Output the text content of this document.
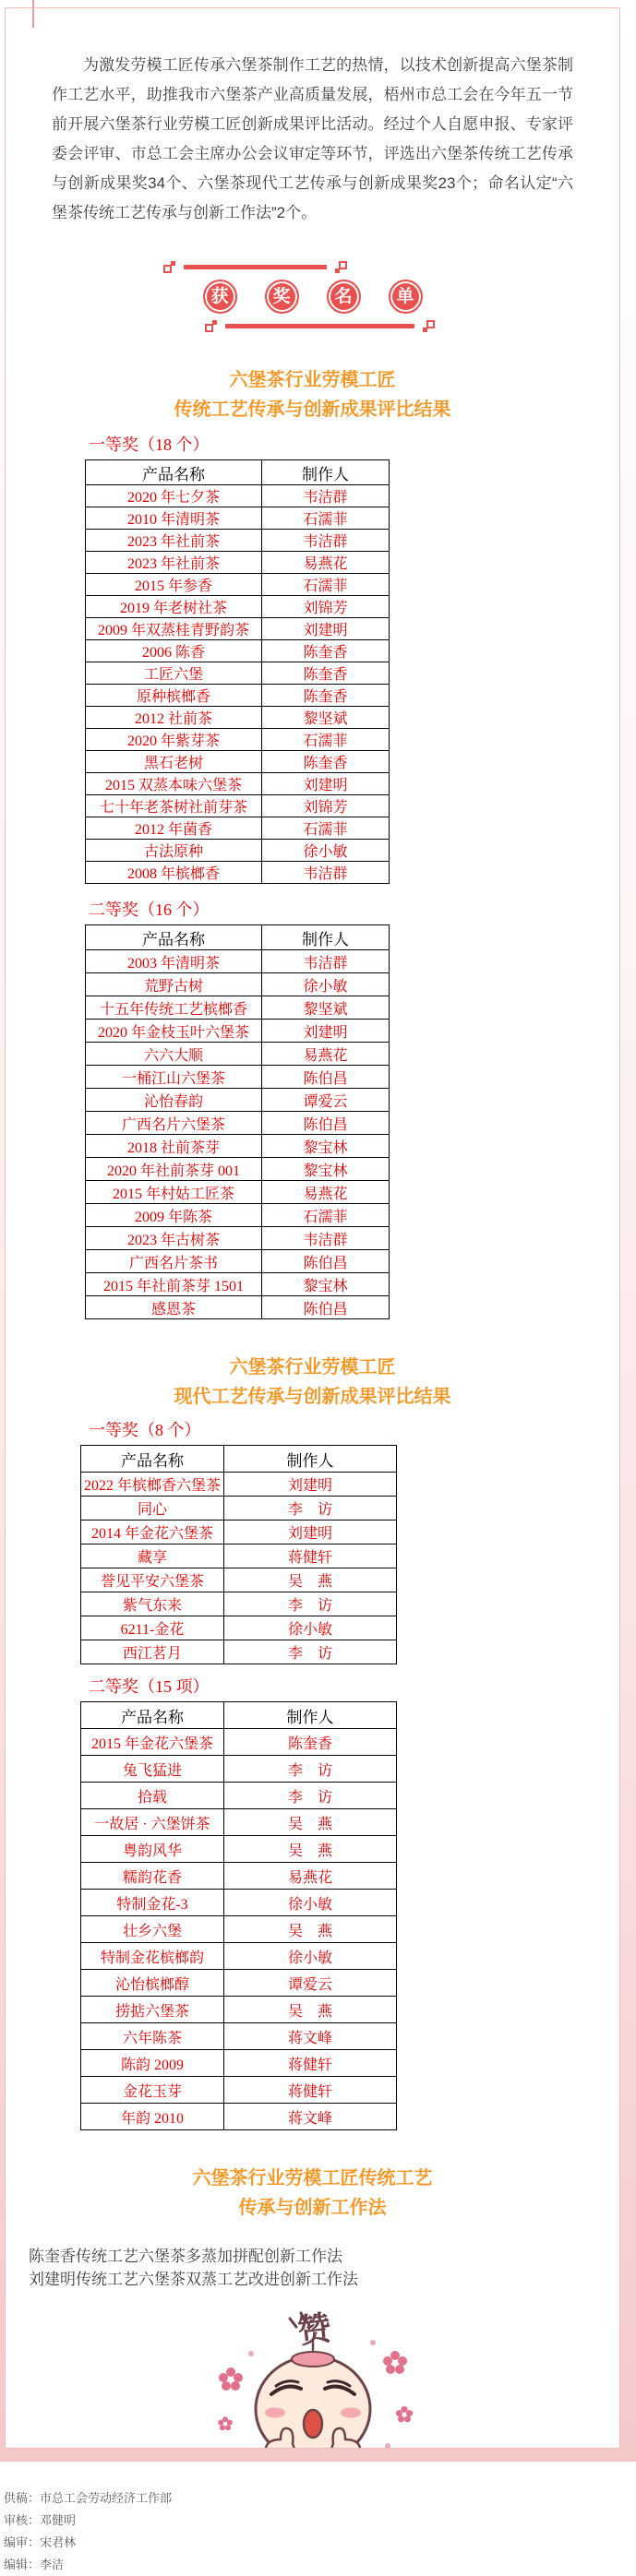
为激发劳模工匠传承六堡茶制作工艺的热情，以技术创新提高六堡茶制作工艺水平，助推我市六堡茶产业高质量发展，梧州市总工会在今年五一节前开展六堡茶行业劳模工匠创新成果评比活动。经过个人自愿申报、专家评委会评审、市总工会主席办公会议审定等环节，评选出六堡茶传统工艺传承与创新成果奖34个、六堡茶现代工艺传承与创新成果奖23个；命名认定“六堡茶传统工艺传承与创新工作法”2个。

获	奖	名	单
六堡茶行业劳模工匠
传统工艺传承与创新成果评比结果
一等奖（18 个）
产品名称	制作人
2020 年七夕茶	韦洁群
2010 年清明茶	石濡菲
2023 年社前茶	韦洁群
2023 年社前茶	易燕花
2015 年参香	石濡菲
2019 年老树社茶	刘锦芳
2009 年双蒸桂青野韵茶	刘建明
2006 陈香	陈奎香
工匠六堡	陈奎香
原种槟榔香	陈奎香
2012 社前茶	黎坚斌
2020 年紫芽茶	石濡菲
黑石老树	陈奎香
2015 双蒸本味六堡茶	刘建明
七十年老茶树社前芽茶	刘锦芳
2012 年菌香	石濡菲
古法原种	徐小敏
2008 年槟榔香	韦洁群
二等奖（16 个）
产品名称	制作人
2003 年清明茶	韦洁群
荒野古树	徐小敏
十五年传统工艺槟榔香	黎坚斌
2020 年金枝玉叶六堡茶	刘建明
六六大顺	易燕花
一桶江山六堡茶	陈伯昌
沁怡春韵	谭爱云
广西名片六堡茶	陈伯昌
2018 社前茶芽	黎宝林
2020 年社前茶芽 001	黎宝林
2015 年村姑工匠茶	易燕花
2009 年陈茶	石濡菲
2023 年古树茶	韦洁群
广西名片茶书	陈伯昌
2015 年社前茶芽 1501	黎宝林
感恩茶	陈伯昌
六堡茶行业劳模工匠
现代工艺传承与创新成果评比结果
一等奖（8 个）
产品名称	制作人
2022 年槟榔香六堡茶	刘建明
同心	李　访
2014 年金花六堡茶	刘建明
藏享	蒋健轩
誉见平安六堡茶	吴　燕
紫气东来	李　访
6211-金花	徐小敏
西江茗月	李　访
二等奖（15 项）
产品名称	制作人
2015 年金花六堡茶	陈奎香
兔飞猛进	李　访
拾载	李　访
一故居 · 六堡饼茶	吴　燕
粤韵风华	吴　燕
糯韵花香	易燕花
特制金花-3	徐小敏
壮乡六堡	吴　燕
特制金花槟榔韵	徐小敏
沁怡槟榔醇	谭爱云
捞掂六堡茶	吴　燕
六年陈茶	蒋文峰
陈韵 2009	蒋健轩
金花玉芽	蒋健轩
年韵 2010	蒋文峰
六堡茶行业劳模工匠传统工艺
传承与创新工作法

陈奎香传统工艺六堡茶多蒸加拼配创新工作法

刘建明传统工艺六堡茶双蒸工艺改进创新工作法

赞

供稿：市总工会劳动经济工作部

审核：邓健明

编审：宋君林

编辑：李洁
